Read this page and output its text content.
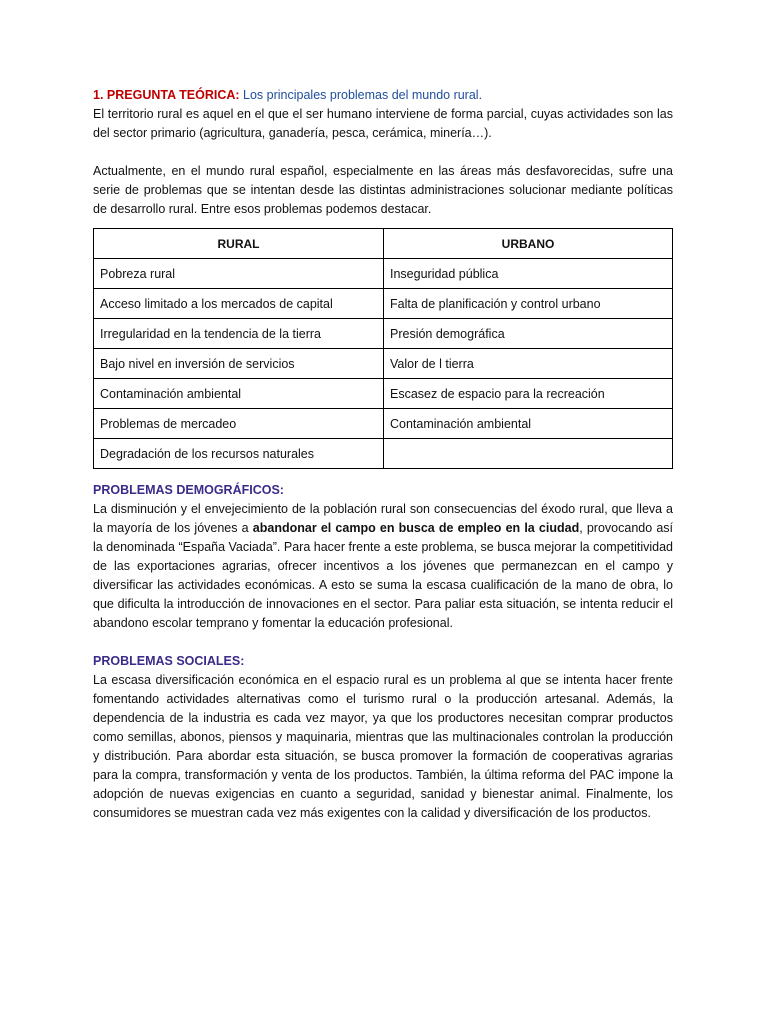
1. PREGUNTA TEÓRICA: Los principales problemas del mundo rural.

El territorio rural es aquel en el que el ser humano interviene de forma parcial, cuyas actividades son las del sector primario (agricultura, ganadería, pesca, cerámica, minería…).

Actualmente, en el mundo rural español, especialmente en las áreas más desfavorecidas, sufre una serie de problemas que se intentan desde las distintas administraciones solucionar mediante políticas de desarrollo rural. Entre esos problemas podemos destacar.

RURAL	URBANO
Pobreza rural	Inseguridad pública
Acceso limitado a los mercados de capital	Falta de planificación y control urbano
Irregularidad en la tendencia de la tierra	Presión demográfica
Bajo nivel en inversión de servicios	Valor de l tierra
Contaminación ambiental	Escasez de espacio para la recreación
Problemas de mercadeo	Contaminación ambiental
Degradación de los recursos naturales	
PROBLEMAS DEMOGRÁFICOS:

La disminución y el envejecimiento de la población rural son consecuencias del éxodo rural, que lleva a la mayoría de los jóvenes a abandonar el campo en busca de empleo en la ciudad, provocando así la denominada “España Vaciada”. Para hacer frente a este problema, se busca mejorar la competitividad de las exportaciones agrarias, ofrecer incentivos a los jóvenes que permanezcan en el campo y diversificar las actividades económicas. A esto se suma la escasa cualificación de la mano de obra, lo que dificulta la introducción de innovaciones en el sector. Para paliar esta situación, se intenta reducir el abandono escolar temprano y fomentar la educación profesional.

PROBLEMAS SOCIALES:

La escasa diversificación económica en el espacio rural es un problema al que se intenta hacer frente fomentando actividades alternativas como el turismo rural o la producción artesanal. Además, la dependencia de la industria es cada vez mayor, ya que los productores necesitan comprar productos como semillas, abonos, piensos y maquinaria, mientras que las multinacionales controlan la producción y distribución. Para abordar esta situación, se busca promover la formación de cooperativas agrarias para la compra, transformación y venta de los productos. También, la última reforma del PAC impone la adopción de nuevas exigencias en cuanto a seguridad, sanidad y bienestar animal. Finalmente, los consumidores se muestran cada vez más exigentes con la calidad y diversificación de los productos.
